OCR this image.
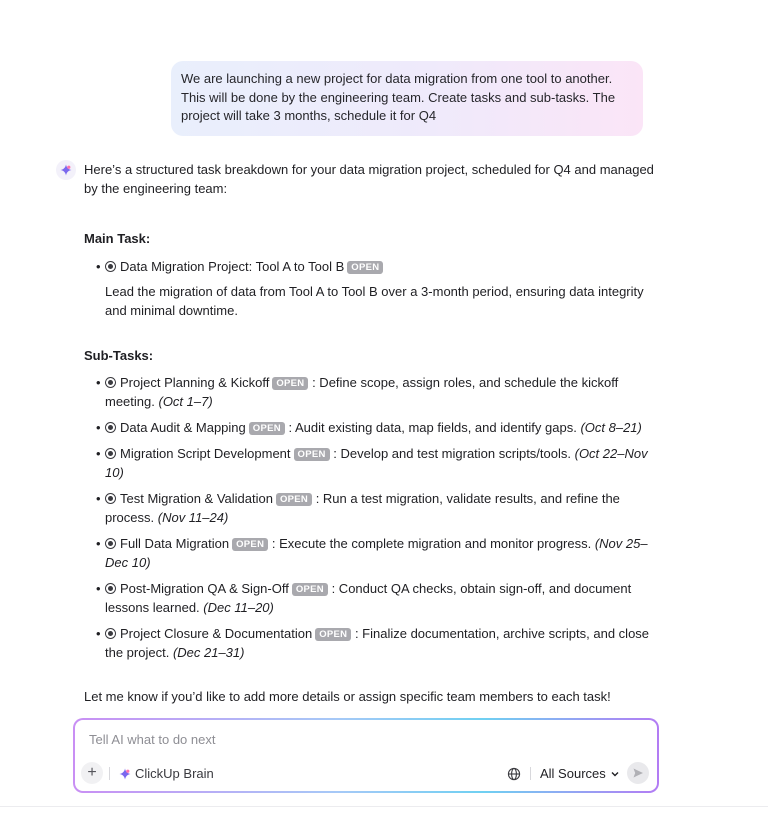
We are launching a new project for data migration from one tool to another. This will be done by the engineering team. Create tasks and sub-tasks. The project will take 3 months, schedule it for Q4

Here’s a structured task breakdown for your data migration project, scheduled for Q4 and managed by the engineering team:

Main Task:

• Data Migration Project: Tool A to Tool B OPEN

Lead the migration of data from Tool A to Tool B over a 3-month period, ensuring data integrity and minimal downtime.

Sub-Tasks:

• Project Planning & Kickoff OPEN : Define scope, assign roles, and schedule the kickoff meeting. (Oct 1–7)
• Data Audit & Mapping OPEN : Audit existing data, map fields, and identify gaps. (Oct 8–21)
• Migration Script Development OPEN : Develop and test migration scripts/tools. (Oct 22–Nov 10)
• Test Migration & Validation OPEN : Run a test migration, validate results, and refine the process. (Nov 11–24)
• Full Data Migration OPEN : Execute the complete migration and monitor progress. (Nov 25–Dec 10)
• Post-Migration QA & Sign-Off OPEN : Conduct QA checks, obtain sign-off, and document lessons learned. (Dec 11–20)
• Project Closure & Documentation OPEN : Finalize documentation, archive scripts, and close the project. (Dec 21–31)

Let me know if you’d like to add more details or assign specific team members to each task!

Tell AI what to do next
+	ClickUp Brain	All Sources
